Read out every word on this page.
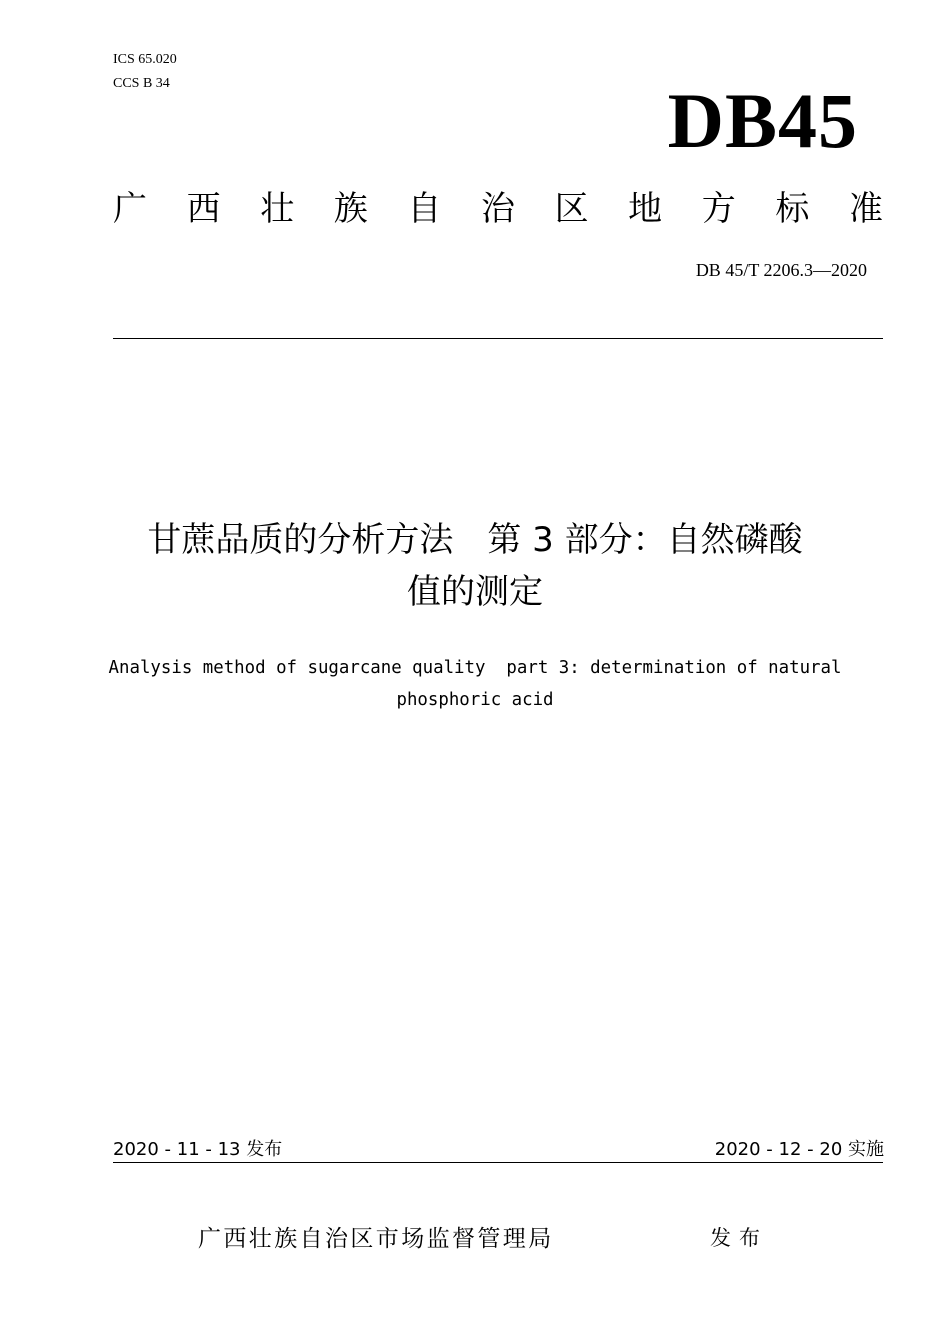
ICS 65.020
CCS B 34	DB45
广 西 壮 族 自 治 区 地 方 标 准
DB 45/T 2206.3—2020
甘蔗品质的分析方法　第 3 部分：自然磷酸
值的测定
Analysis method of sugarcane quality  part 3: determination of natural
phosphoric acid
2020 - 11 - 13 发布	2020 - 12 - 20 实施
广西壮族自治区市场监督管理局	发布
